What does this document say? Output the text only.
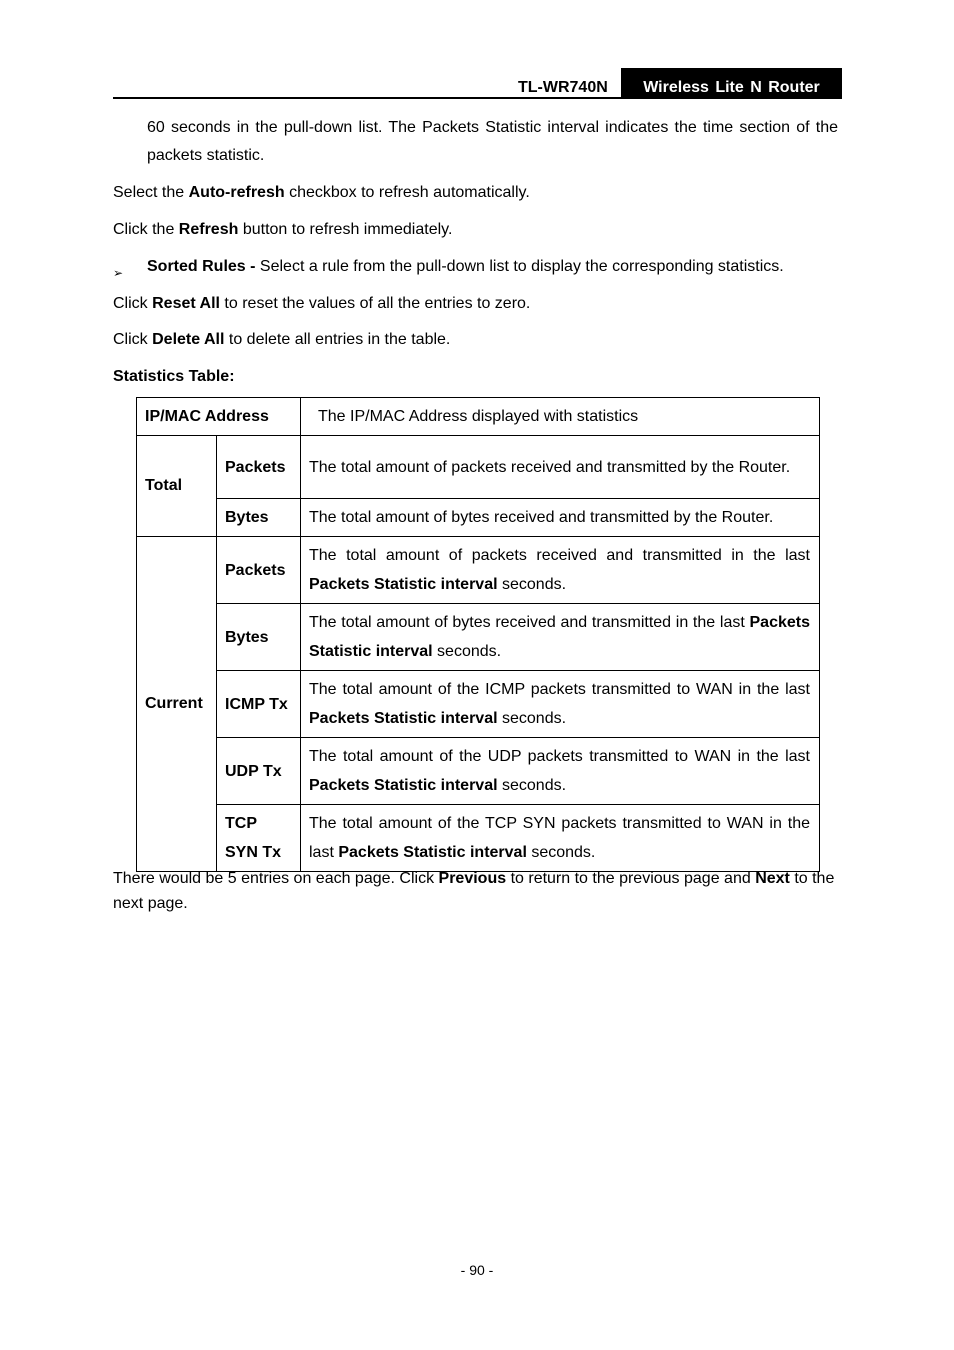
TL-WR740N	Wireless Lite N Router
60 seconds in the pull-down list. The Packets Statistic interval indicates the time section of the packets statistic.
Select the Auto-refresh checkbox to refresh automatically.
Click the Refresh button to refresh immediately.
➢ Sorted Rules - Select a rule from the pull-down list to display the corresponding statistics.
Click Reset All to reset the values of all the entries to zero.
Click Delete All to delete all entries in the table.
Statistics Table:
IP/MAC Address		The IP/MAC Address displayed with statistics
Total	Packets	The total amount of packets received and transmitted by the Router.
	Bytes	The total amount of bytes received and transmitted by the Router.
Current	Packets	The total amount of packets received and transmitted in the last Packets Statistic interval seconds.
	Bytes	The total amount of bytes received and transmitted in the last Packets Statistic interval seconds.
	ICMP Tx	The total amount of the ICMP packets transmitted to WAN in the last Packets Statistic interval seconds.
	UDP Tx	The total amount of the UDP packets transmitted to WAN in the last Packets Statistic interval seconds.
	TCP
SYN Tx	The total amount of the TCP SYN packets transmitted to WAN in the last Packets Statistic interval seconds.
There would be 5 entries on each page. Click Previous to return to the previous page and Next to the next page.
- 90 -
